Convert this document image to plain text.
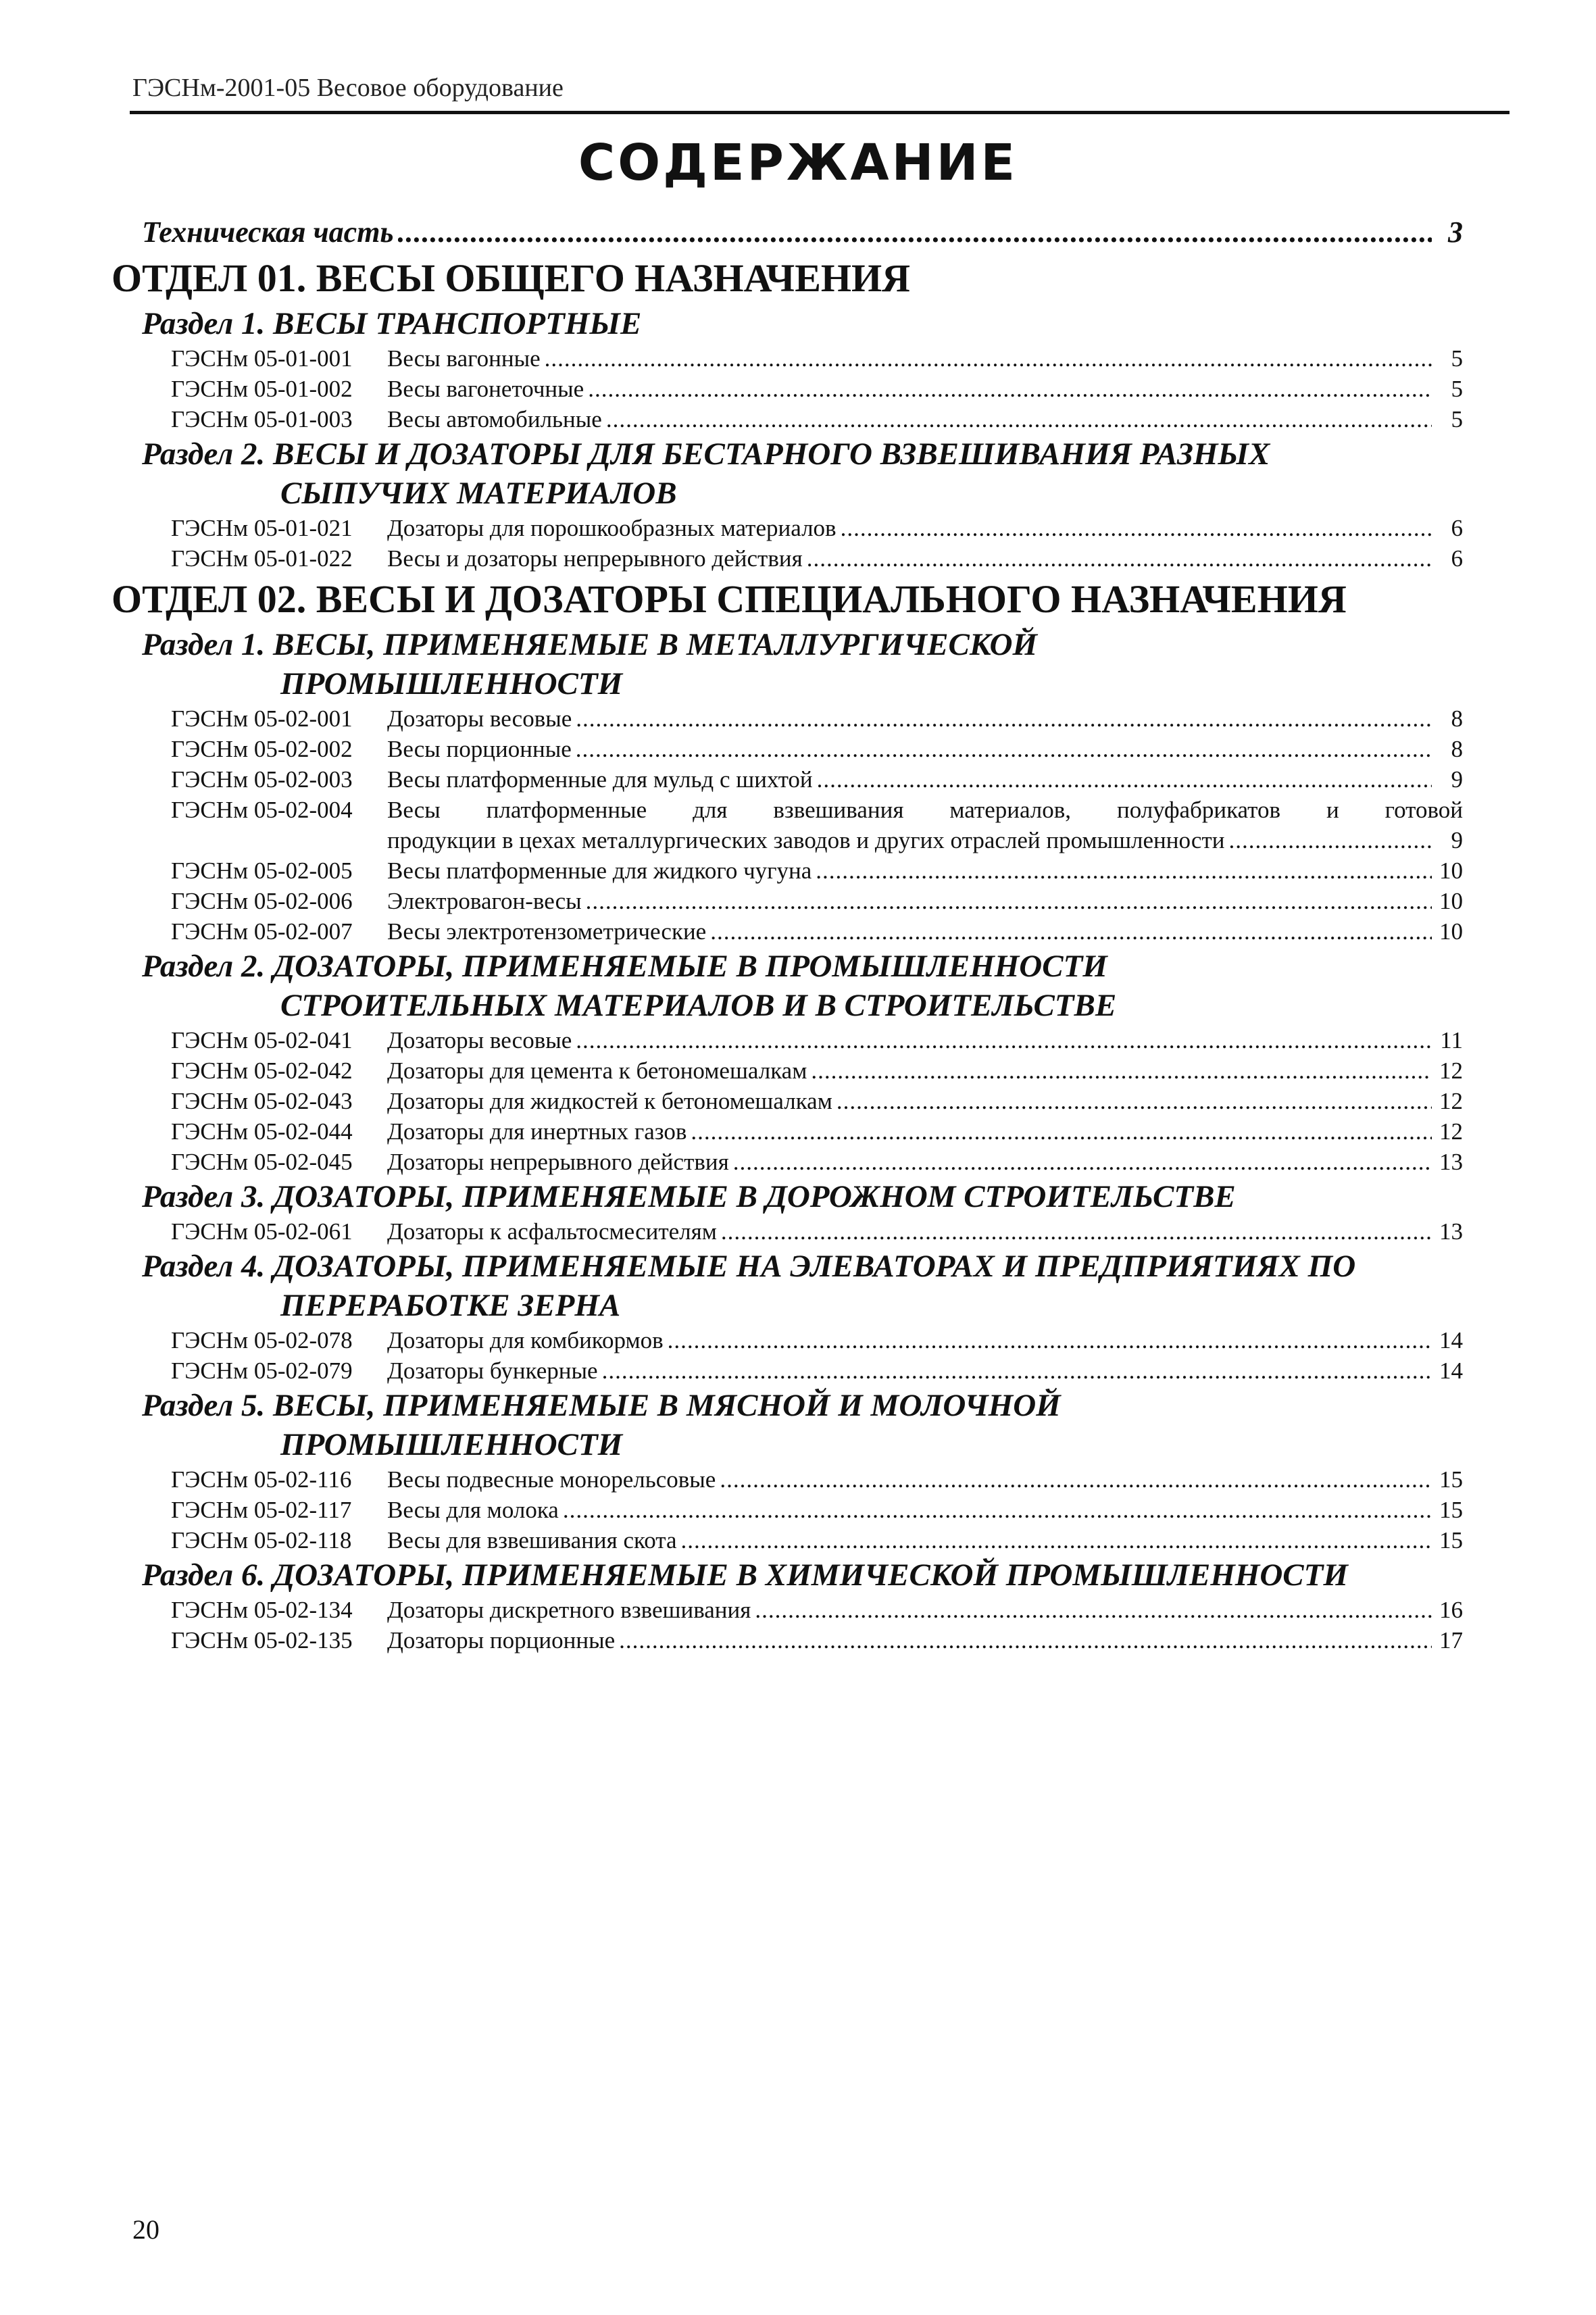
ГЭСНм-2001-05 Весовое оборудование
СОДЕРЖАНИЕ
Техническая часть .....	3
ОТДЕЛ 01. ВЕСЫ ОБЩЕГО НАЗНАЧЕНИЯ
Раздел 1. ВЕСЫ ТРАНСПОРТНЫЕ
ГЭСНм 05-01-001 Весы вагонные .....	5
ГЭСНм 05-01-002 Весы вагонеточные .....	5
ГЭСНм 05-01-003 Весы автомобильные .....	5
Раздел 2. ВЕСЫ И ДОЗАТОРЫ ДЛЯ БЕСТАРНОГО ВЗВЕШИВАНИЯ РАЗНЫХ
СЫПУЧИХ МАТЕРИАЛОВ
ГЭСНм 05-01-021 Дозаторы для порошкообразных материалов .....	6
ГЭСНм 05-01-022 Весы и дозаторы непрерывного действия .....	6
ОТДЕЛ 02. ВЕСЫ И ДОЗАТОРЫ СПЕЦИАЛЬНОГО НАЗНАЧЕНИЯ
Раздел 1. ВЕСЫ, ПРИМЕНЯЕМЫЕ В МЕТАЛЛУРГИЧЕСКОЙ
ПРОМЫШЛЕННОСТИ
ГЭСНм 05-02-001 Дозаторы весовые .....	8
ГЭСНм 05-02-002 Весы порционные .....	8
ГЭСНм 05-02-003 Весы платформенные для мульд с шихтой .....	9
ГЭСНм 05-02-004	Весы платформенные для взвешивания материалов, полуфабрикатов и готовой
продукции в цехах металлургических заводов и других отраслей промышленности .....	9
ГЭСНм 05-02-005 Весы платформенные для жидкого чугуна .....	10
ГЭСНм 05-02-006 Электровагон-весы .....	10
ГЭСНм 05-02-007 Весы электротензометрические .....	10
Раздел 2. ДОЗАТОРЫ, ПРИМЕНЯЕМЫЕ В ПРОМЫШЛЕННОСТИ
СТРОИТЕЛЬНЫХ МАТЕРИАЛОВ И В СТРОИТЕЛЬСТВЕ
ГЭСНм 05-02-041 Дозаторы весовые .....	11
ГЭСНм 05-02-042 Дозаторы для цемента к бетономешалкам .....	12
ГЭСНм 05-02-043 Дозаторы для жидкостей к бетономешалкам .....	12
ГЭСНм 05-02-044 Дозаторы для инертных газов .....	12
ГЭСНм 05-02-045 Дозаторы непрерывного действия .....	13
Раздел 3. ДОЗАТОРЫ, ПРИМЕНЯЕМЫЕ В ДОРОЖНОМ СТРОИТЕЛЬСТВЕ
ГЭСНм 05-02-061 Дозаторы к асфальтосмесителям .....	13
Раздел 4. ДОЗАТОРЫ, ПРИМЕНЯЕМЫЕ НА ЭЛЕВАТОРАХ И ПРЕДПРИЯТИЯХ ПО
ПЕРЕРАБОТКЕ ЗЕРНА
ГЭСНм 05-02-078 Дозаторы для комбикормов .....	14
ГЭСНм 05-02-079 Дозаторы бункерные .....	14
Раздел 5. ВЕСЫ, ПРИМЕНЯЕМЫЕ В МЯСНОЙ И МОЛОЧНОЙ
ПРОМЫШЛЕННОСТИ
ГЭСНм 05-02-116 Весы подвесные монорельсовые .....	15
ГЭСНм 05-02-117 Весы для молока .....	15
ГЭСНм 05-02-118 Весы для взвешивания скота .....	15
Раздел 6. ДОЗАТОРЫ, ПРИМЕНЯЕМЫЕ В ХИМИЧЕСКОЙ ПРОМЫШЛЕННОСТИ
ГЭСНм 05-02-134 Дозаторы дискретного взвешивания .....	16
ГЭСНм 05-02-135 Дозаторы порционные .....	17
20
